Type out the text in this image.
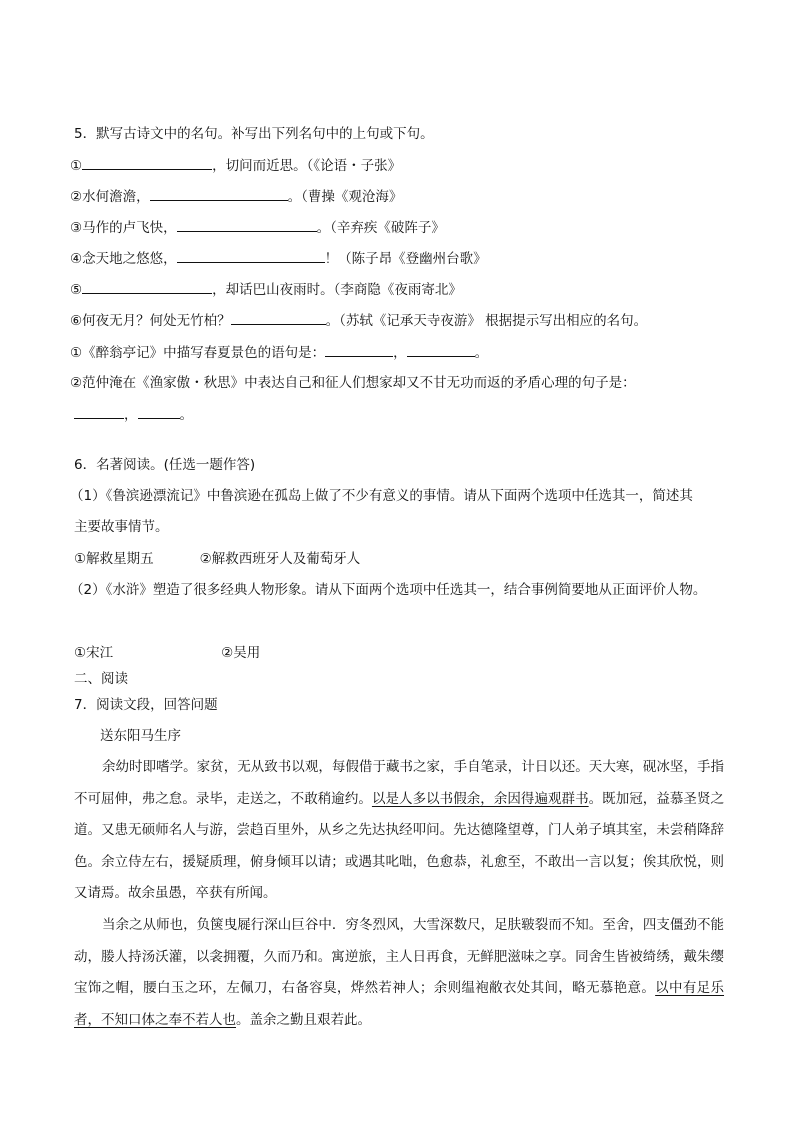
5．默写古诗文中的名句。补写出下列名句中的上句或下句。
①	，切问而近思。（《论语・子张》
②水何澹澹，	。（曹操《观沧海》
③马作的卢飞快，	。（辛弃疾《破阵子》
④念天地之悠悠，	！（陈子昂《登幽州台歌》
⑤	，却话巴山夜雨时。（李商隐《夜雨寄北》
⑥何夜无月？何处无竹柏？	。（苏轼《记承天寺夜游》 根据提示写出相应的名句。
①《醉翁亭记》中描写春夏景色的语句是：	，	。
②范仲淹在《渔家傲・秋思》中表达自己和征人们想家却又不甘无功而返的矛盾心理的句子是：
，	。
6．名著阅读。(任选一题作答)
（1）《鲁滨逊漂流记》中鲁滨逊在孤岛上做了不少有意义的事情。请从下面两个选项中任选其一，简述其
主要故事情节。
①解救星期五	②解救西班牙人及葡萄牙人
（2）《水浒》塑造了很多经典人物形象。请从下面两个选项中任选其一，结合事例简要地从正面评价人物。
①宋江	②吴用
二、阅读
7．阅读文段，回答问题
送东阳马生序
余幼时即嗜学。家贫，无从致书以观，每假借于藏书之家，手自笔录，计日以还。天大寒，砚冰坚，手指不可屈伸，弗之怠。录毕，走送之，不敢稍逾约。以是人多以书假余，余因得遍观群书。既加冠，益慕圣贤之道。又患无硕师名人与游，尝趋百里外，从乡之先达执经叩问。先达德隆望尊，门人弟子填其室，未尝稍降辞色。余立侍左右，援疑质理，俯身倾耳以请；或遇其叱咄，色愈恭，礼愈至，不敢出一言以复；俟其欣悦，则又请焉。故余虽愚，卒获有所闻。
当余之从师也，负箧曳屣行深山巨谷中．穷冬烈风，大雪深数尺，足肤皲裂而不知。至舍，四支僵劲不能动，媵人持汤沃灌，以衾拥覆，久而乃和。寓逆旅，主人日再食，无鲜肥滋味之享。同舍生皆被绮绣，戴朱缨宝饰之帽，腰白玉之环，左佩刀，右备容臭，烨然若神人；余则缊袍敝衣处其间，略无慕艳意。以中有足乐者，不知口体之奉不若人也。盖余之勤且艰若此。
